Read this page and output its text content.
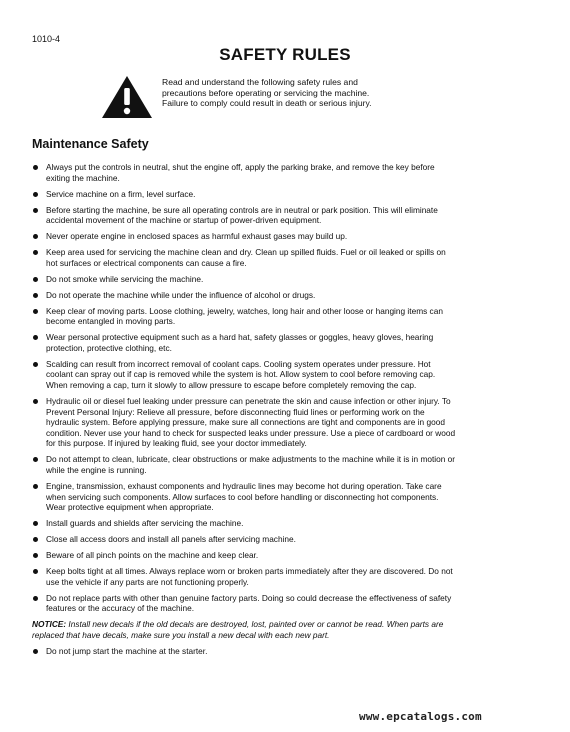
1010-4
SAFETY RULES
Read and understand the following safety rules and
precautions before operating or servicing the machine.
Failure to comply could result in death or serious injury.
Maintenance Safety
Always put the controls in neutral, shut the engine off, apply the parking brake, and remove the key before
exiting the machine.
Service machine on a firm, level surface.
Before starting the machine, be sure all operating controls are in neutral or park position. This will eliminate
accidental movement of the machine or startup of power-driven equipment.
Never operate engine in enclosed spaces as harmful exhaust gases may build up.
Keep area used for servicing the machine clean and dry. Clean up spilled fluids. Fuel or oil leaked or spills on
hot surfaces or electrical components can cause a fire.
Do not smoke while servicing the machine.
Do not operate the machine while under the influence of alcohol or drugs.
Keep clear of moving parts. Loose clothing, jewelry, watches, long hair and other loose or hanging items can
become entangled in moving parts.
Wear personal protective equipment such as a hard hat, safety glasses or goggles, heavy gloves, hearing
protection, protective clothing, etc.
Scalding can result from incorrect removal of coolant caps. Cooling system operates under pressure. Hot
coolant can spray out if cap is removed while the system is hot. Allow system to cool before removing cap.
When removing a cap, turn it slowly to allow pressure to escape before completely removing the cap.
Hydraulic oil or diesel fuel leaking under pressure can penetrate the skin and cause infection or other injury. To
Prevent Personal Injury: Relieve all pressure, before disconnecting fluid lines or performing work on the
hydraulic system. Before applying pressure, make sure all connections are tight and components are in good
condition. Never use your hand to check for suspected leaks under pressure. Use a piece of cardboard or wood
for this purpose. If injured by leaking fluid, see your doctor immediately.
Do not attempt to clean, lubricate, clear obstructions or make adjustments to the machine while it is in motion or
while the engine is running.
Engine, transmission, exhaust components and hydraulic lines may become hot during operation. Take care
when servicing such components. Allow surfaces to cool before handling or disconnecting hot components.
Wear protective equipment when appropriate.
Install guards and shields after servicing the machine.
Close all access doors and install all panels after servicing machine.
Beware of all pinch points on the machine and keep clear.
Keep bolts tight at all times. Always replace worn or broken parts immediately after they are discovered. Do not
use the vehicle if any parts are not functioning properly.
Do not replace parts with other than genuine factory parts. Doing so could decrease the effectiveness of safety
features or the accuracy of the machine.
NOTICE: Install new decals if the old decals are destroyed, lost, painted over or cannot be read. When parts are
replaced that have decals, make sure you install a new decal with each new part.
Do not jump start the machine at the starter.
www.epcatalogs.com
